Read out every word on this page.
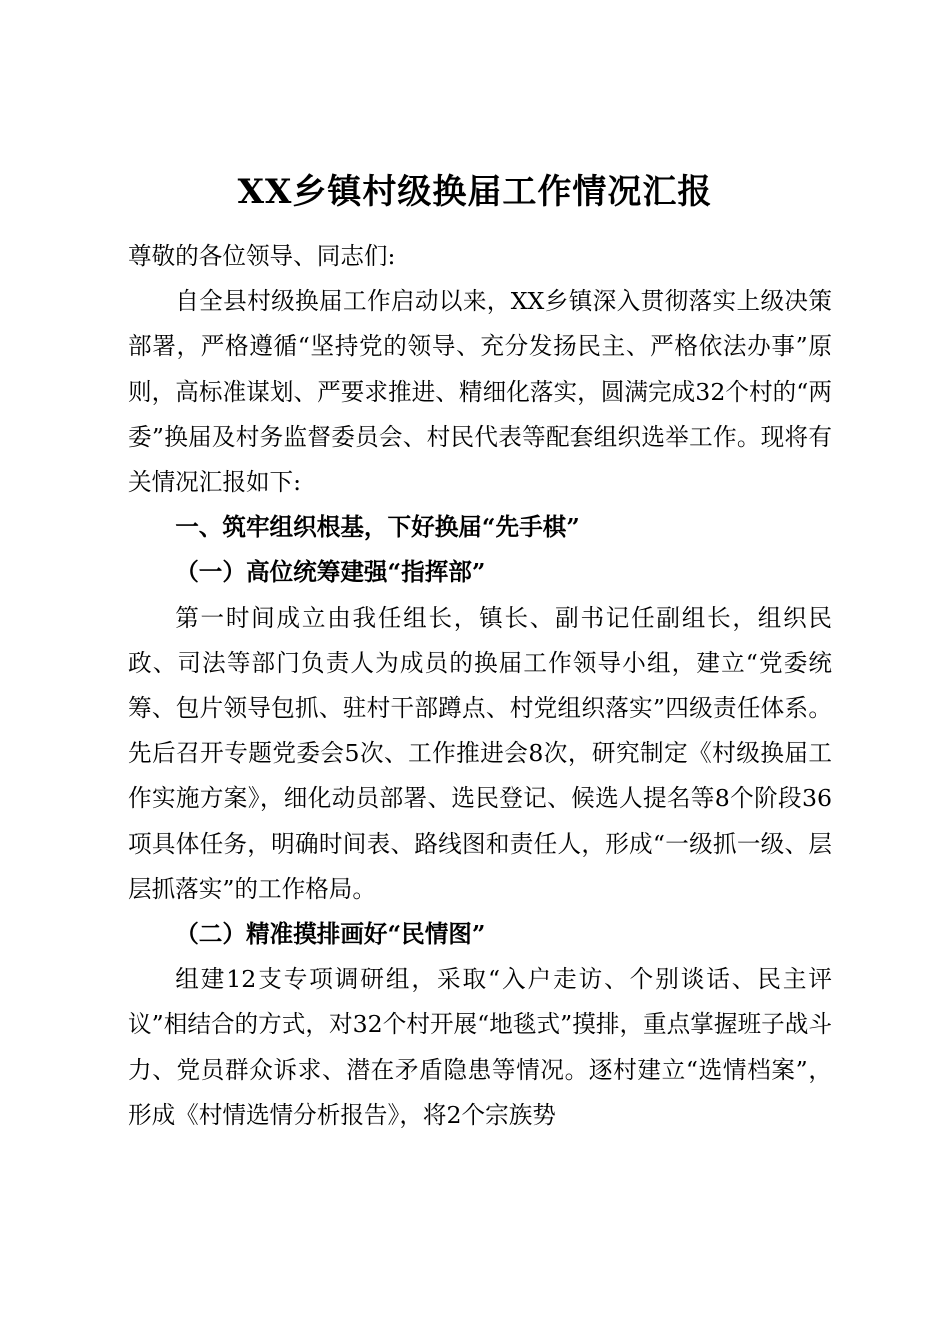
XX乡镇村级换届工作情况汇报

尊敬的各位领导、同志们:

自全县村级换届工作启动以来，XX乡镇深入贯彻落实上级决策部署，严格遵循“坚持党的领导、充分发扬民主、严格依法办事”原则，高标准谋划、严要求推进、精细化落实，圆满完成32个村的“两委”换届及村务监督委员会、村民代表等配套组织选举工作。现将有关情况汇报如下:

一、筑牢组织根基，下好换届“先手棋”

（一）高位统筹建强“指挥部”

第一时间成立由我任组长，镇长、副书记任副组长，组织民政、司法等部门负责人为成员的换届工作领导小组，建立“党委统筹、包片领导包抓、驻村干部蹲点、村党组织落实”四级责任体系。先后召开专题党委会5次、工作推进会8次，研究制定《村级换届工作实施方案》，细化动员部署、选民登记、候选人提名等8个阶段36项具体任务，明确时间表、路线图和责任人，形成“一级抓一级、层层抓落实”的工作格局。

（二）精准摸排画好“民情图”

组建12支专项调研组，采取“入户走访、个别谈话、民主评议”相结合的方式，对32个村开展“地毯式”摸排，重点掌握班子战斗力、党员群众诉求、潜在矛盾隐患等情况。逐村建立“选情档案”，形成《村情选情分析报告》，将2个宗族势
